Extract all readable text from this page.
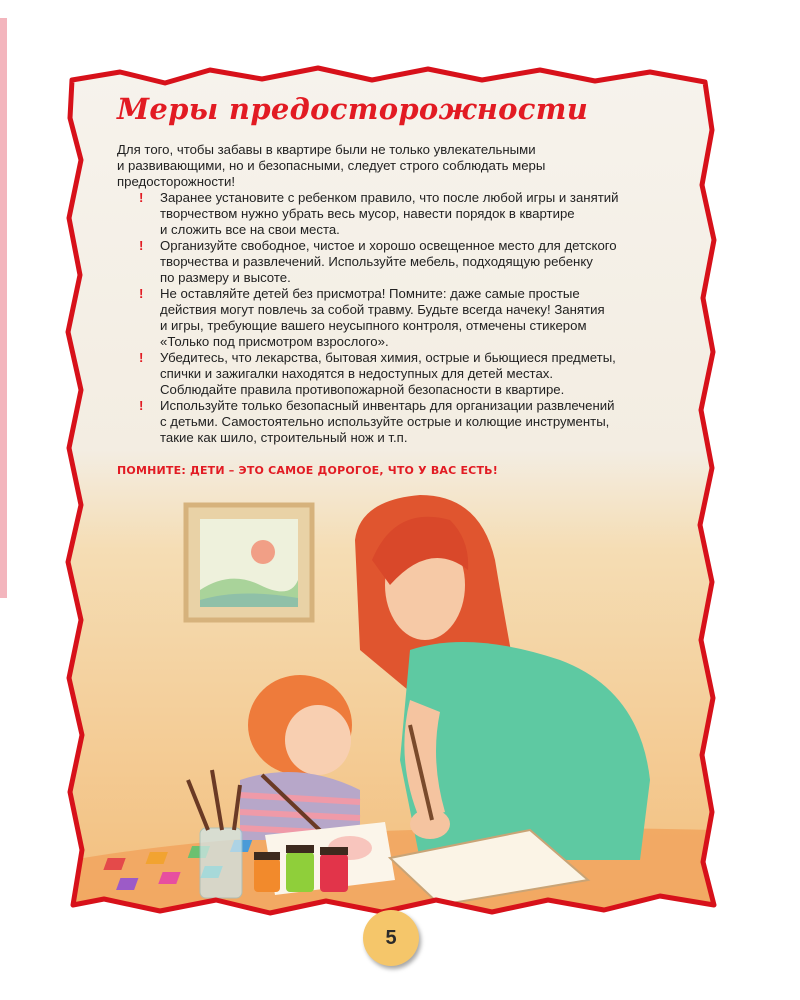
Меры предосторожности
Для того, чтобы забавы в квартире были не только увлекательными
и развивающими, но и безопасными, следует строго соблюдать меры
предосторожности!
! Заранее установите с ребенком правило, что после любой игры и занятий
творчеством нужно убрать весь мусор, навести порядок в квартире
и сложить все на свои места.
! Организуйте свободное, чистое и хорошо освещенное место для детского
творчества и развлечений. Используйте мебель, подходящую ребенку
по размеру и высоте.
! Не оставляйте детей без присмотра! Помните: даже самые простые
действия могут повлечь за собой травму. Будьте всегда начеку! Занятия
и игры, требующие вашего неусыпного контроля, отмечены стикером
«Только под присмотром взрослого».
! Убедитесь, что лекарства, бытовая химия, острые и бьющиеся предметы,
спички и зажигалки находятся в недоступных для детей местах.
Соблюдайте правила противопожарной безопасности в квартире.
! Используйте только безопасный инвентарь для организации развлечений
с детьми. Самостоятельно используйте острые и колющие инструменты,
такие как шило, строительный нож и т.п.
ПОМНИТЕ: ДЕТИ – ЭТО САМОЕ ДОРОГОЕ, ЧТО У ВАС ЕСТЬ!
5
